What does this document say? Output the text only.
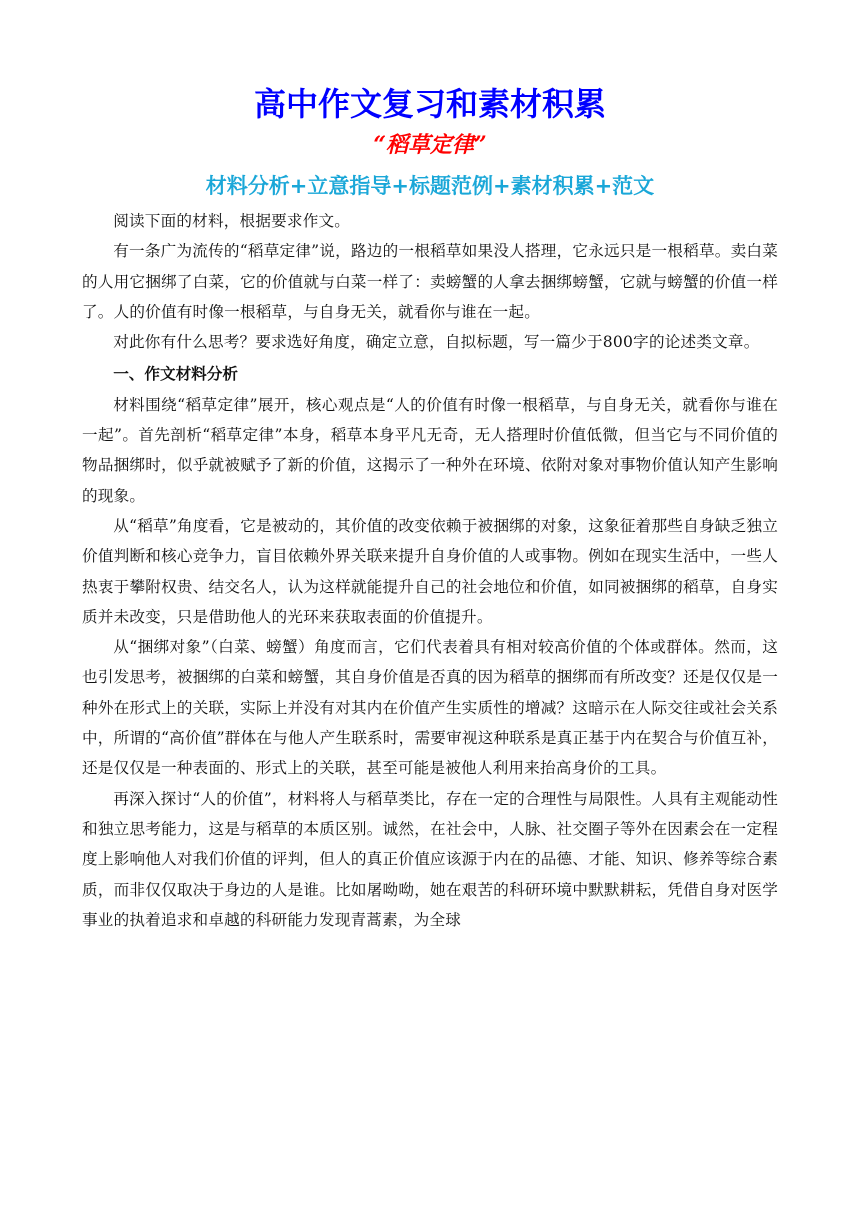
高中作文复习和素材积累
“稻草定律”
材料分析+立意指导+标题范例+素材积累+范文

阅读下面的材料，根据要求作文。

有一条广为流传的“稻草定律”说，路边的一根稻草如果没人搭理，它永远只是一根稻草。卖白菜的人用它捆绑了白菜，它的价值就与白菜一样了：卖螃蟹的人拿去捆绑螃蟹，它就与螃蟹的价值一样了。人的价值有时像一根稻草，与自身无关，就看你与谁在一起。

对此你有什么思考？要求选好角度，确定立意，自拟标题，写一篇少于800字的论述类文章。

一、作文材料分析

材料围绕“稻草定律”展开，核心观点是“人的价值有时像一根稻草，与自身无关，就看你与谁在一起”。首先剖析“稻草定律”本身，稻草本身平凡无奇，无人搭理时价值低微，但当它与不同价值的物品捆绑时，似乎就被赋予了新的价值，这揭示了一种外在环境、依附对象对事物价值认知产生影响的现象。

从“稻草”角度看，它是被动的，其价值的改变依赖于被捆绑的对象，这象征着那些自身缺乏独立价值判断和核心竞争力，盲目依赖外界关联来提升自身价值的人或事物。例如在现实生活中，一些人热衷于攀附权贵、结交名人，认为这样就能提升自己的社会地位和价值，如同被捆绑的稻草，自身实质并未改变，只是借助他人的光环来获取表面的价值提升。

从“捆绑对象”（白菜、螃蟹）角度而言，它们代表着具有相对较高价值的个体或群体。然而，这也引发思考，被捆绑的白菜和螃蟹，其自身价值是否真的因为稻草的捆绑而有所改变？还是仅仅是一种外在形式上的关联，实际上并没有对其内在价值产生实质性的增减？这暗示在人际交往或社会关系中，所谓的“高价值”群体在与他人产生联系时，需要审视这种联系是真正基于内在契合与价值互补，还是仅仅是一种表面的、形式上的关联，甚至可能是被他人利用来抬高身价的工具。

再深入探讨“人的价值”，材料将人与稻草类比，存在一定的合理性与局限性。人具有主观能动性和独立思考能力，这是与稻草的本质区别。诚然，在社会中，人脉、社交圈子等外在因素会在一定程度上影响他人对我们价值的评判，但人的真正价值应该源于内在的品德、才能、知识、修养等综合素质，而非仅仅取决于身边的人是谁。比如屠呦呦，她在艰苦的科研环境中默默耕耘，凭借自身对医学事业的执着追求和卓越的科研能力发现青蒿素，为全球
